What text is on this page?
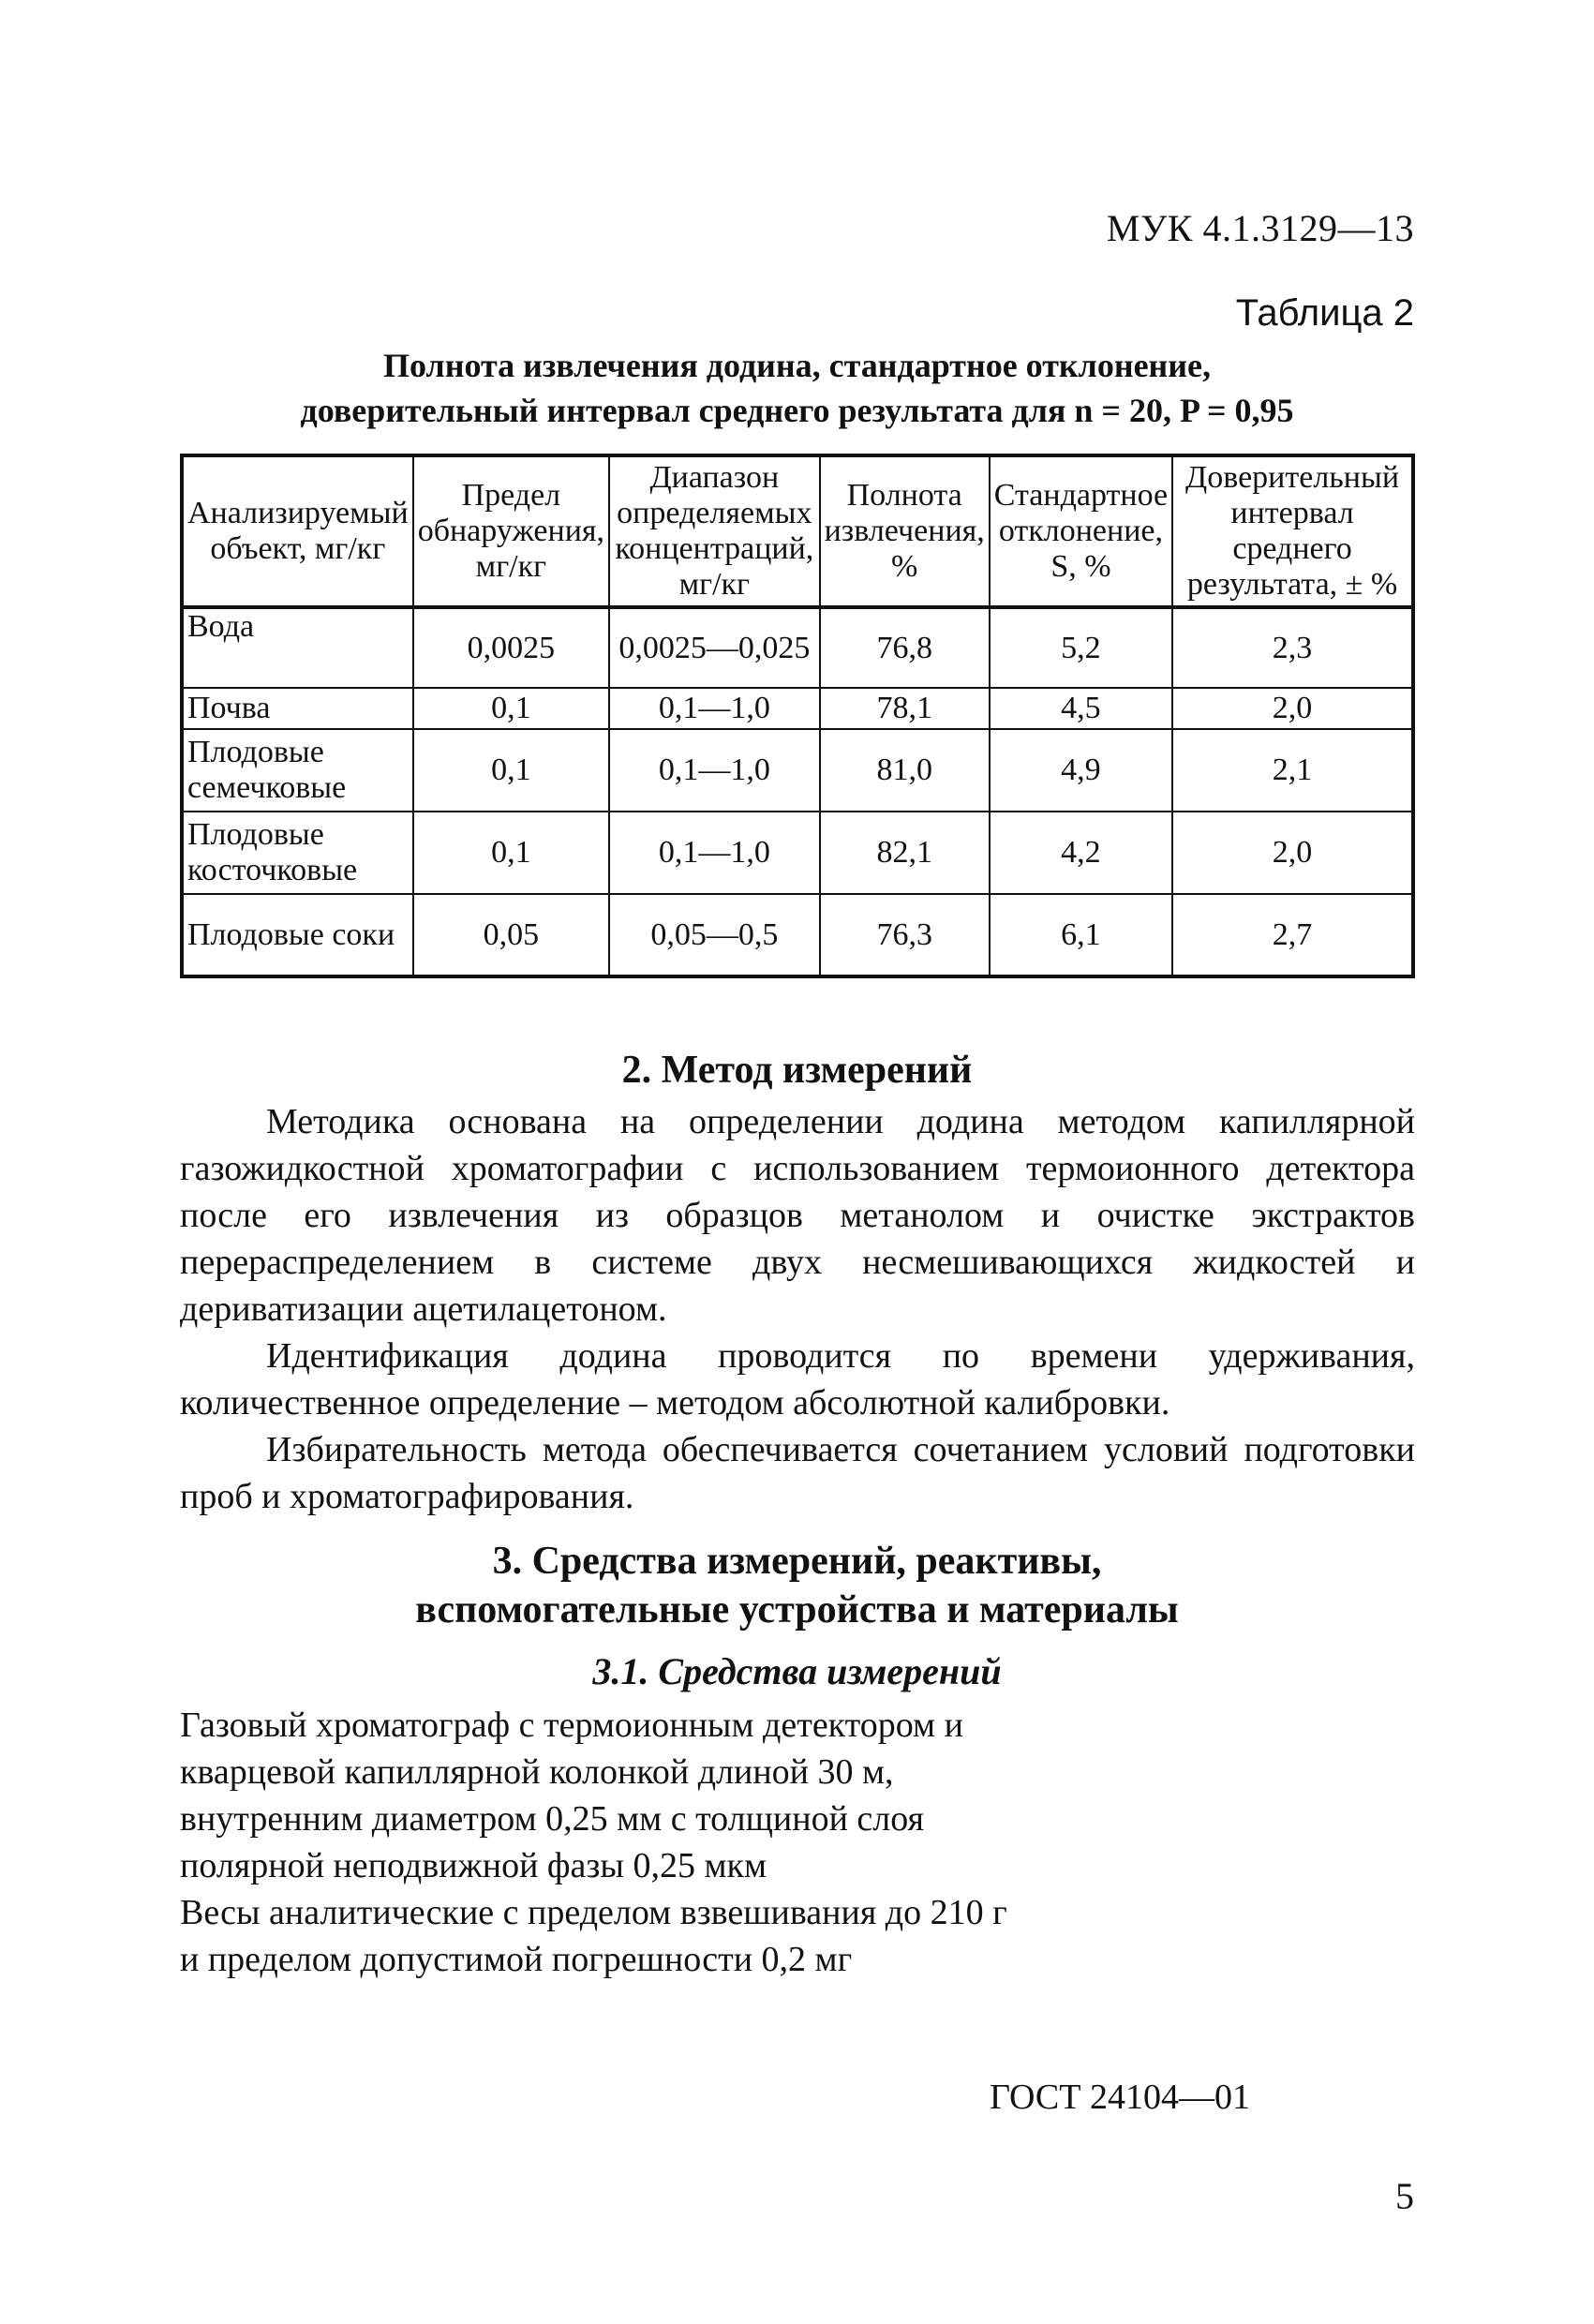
МУК 4.1.3129—13
Таблица 2
Полнота извлечения додина, стандартное отклонение,
доверительный интервал среднего результата для n = 20, P = 0,95
Анализируемый объект, мг/кг	Предел обнаружения, мг/кг	Диапазон определяемых концентраций, мг/кг	Полнота извлечения, %	Стандартное отклонение, S, %	Доверительный интервал среднего результата, ± %
Вода	0,0025	0,0025—0,025	76,8	5,2	2,3
Почва	0,1	0,1—1,0	78,1	4,5	2,0
Плодовые семечковые	0,1	0,1—1,0	81,0	4,9	2,1
Плодовые косточковые	0,1	0,1—1,0	82,1	4,2	2,0
Плодовые соки	0,05	0,05—0,5	76,3	6,1	2,7
2. Метод измерений

Методика основана на определении додина методом капиллярной газожидкостной хроматографии с использованием термоионного детектора после его извлечения из образцов метанолом и очистке экстрактов перераспределением в системе двух несмешивающихся жидкостей и дериватизации ацетилацетоном.

Идентификация додина проводится по времени удерживания, количественное определение – методом абсолютной калибровки.

Избирательность метода обеспечивается сочетанием условий подготовки проб и хроматографирования.

3. Средства измерений, реактивы,
вспомогательные устройства и материалы
3.1. Средства измерений
Газовый хроматограф с термоионным детектором и кварцевой капиллярной колонкой длиной 30 м, внутренним диаметром 0,25 мм с толщиной слоя полярной неподвижной фазы 0,25 мкм
Весы аналитические с пределом взвешивания до 210 г и пределом допустимой погрешности 0,2 мг
ГОСТ 24104—01
5
